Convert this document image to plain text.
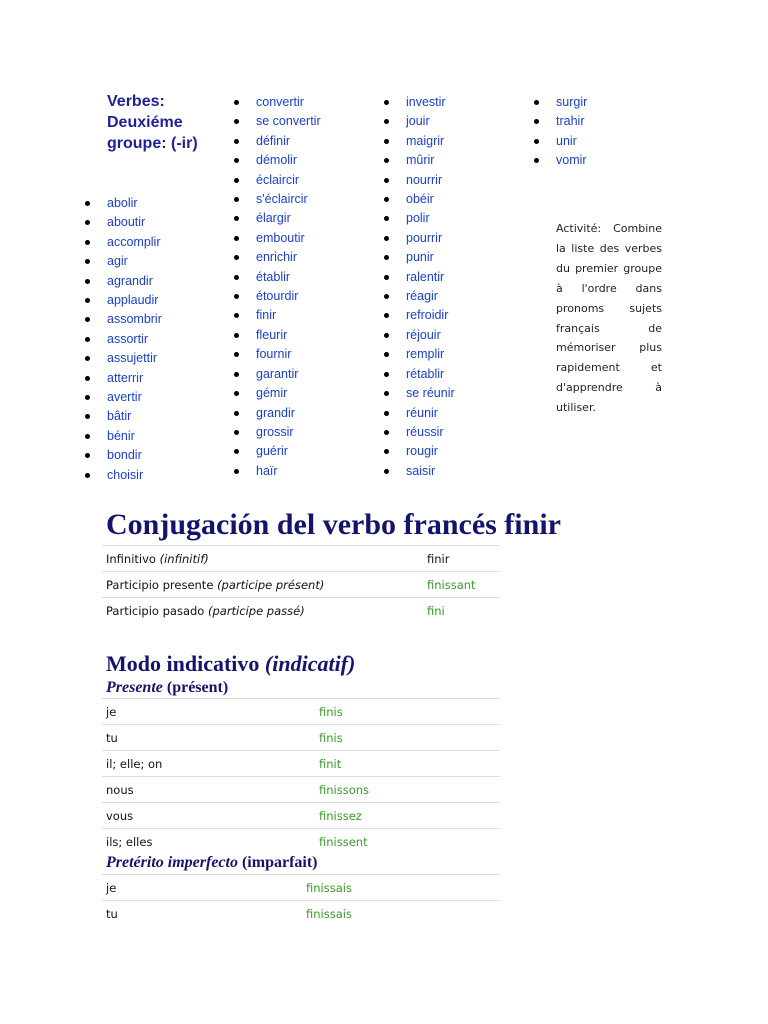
Verbes:
Deuxiéme
groupe: (-ir)
abolir
aboutir
accomplir
agir
agrandir
applaudir
assombrir
assortir
assujettir
atterrir
avertir
bâtir
bénir
bondir
choisir
convertir
se convertir
définir
démolir
éclaircir
s'éclaircir
élargir
emboutir
enrichir
établir
étourdir
finir
fleurir
fournir
garantir
gémir
grandir
grossir
guérir
haïr
investir
jouir
maigrir
mûrir
nourrir
obéir
polir
pourrir
punir
ralentir
réagir
refroidir
réjouir
remplir
rétablir
se réunir
réunir
réussir
rougir
saisir
surgir
trahir
unir
vomir
Activité: Combine la liste des verbes du premier groupe à l'ordre dans pronoms sujets français de mémoriser plus rapidement et d'apprendre à utiliser.
Conjugación del verbo francés finir
Infinitivo (infinitif)	finir
Participio presente (participe présent)	finissant
Participio pasado (participe passé)	fini
Modo indicativo (indicatif)
Presente (présent)
je	finis
tu	finis
il; elle; on	finit
nous	finissons
vous	finissez
ils; elles	finissent
Pretérito imperfecto (imparfait)
je	finissais
tu	finissais
